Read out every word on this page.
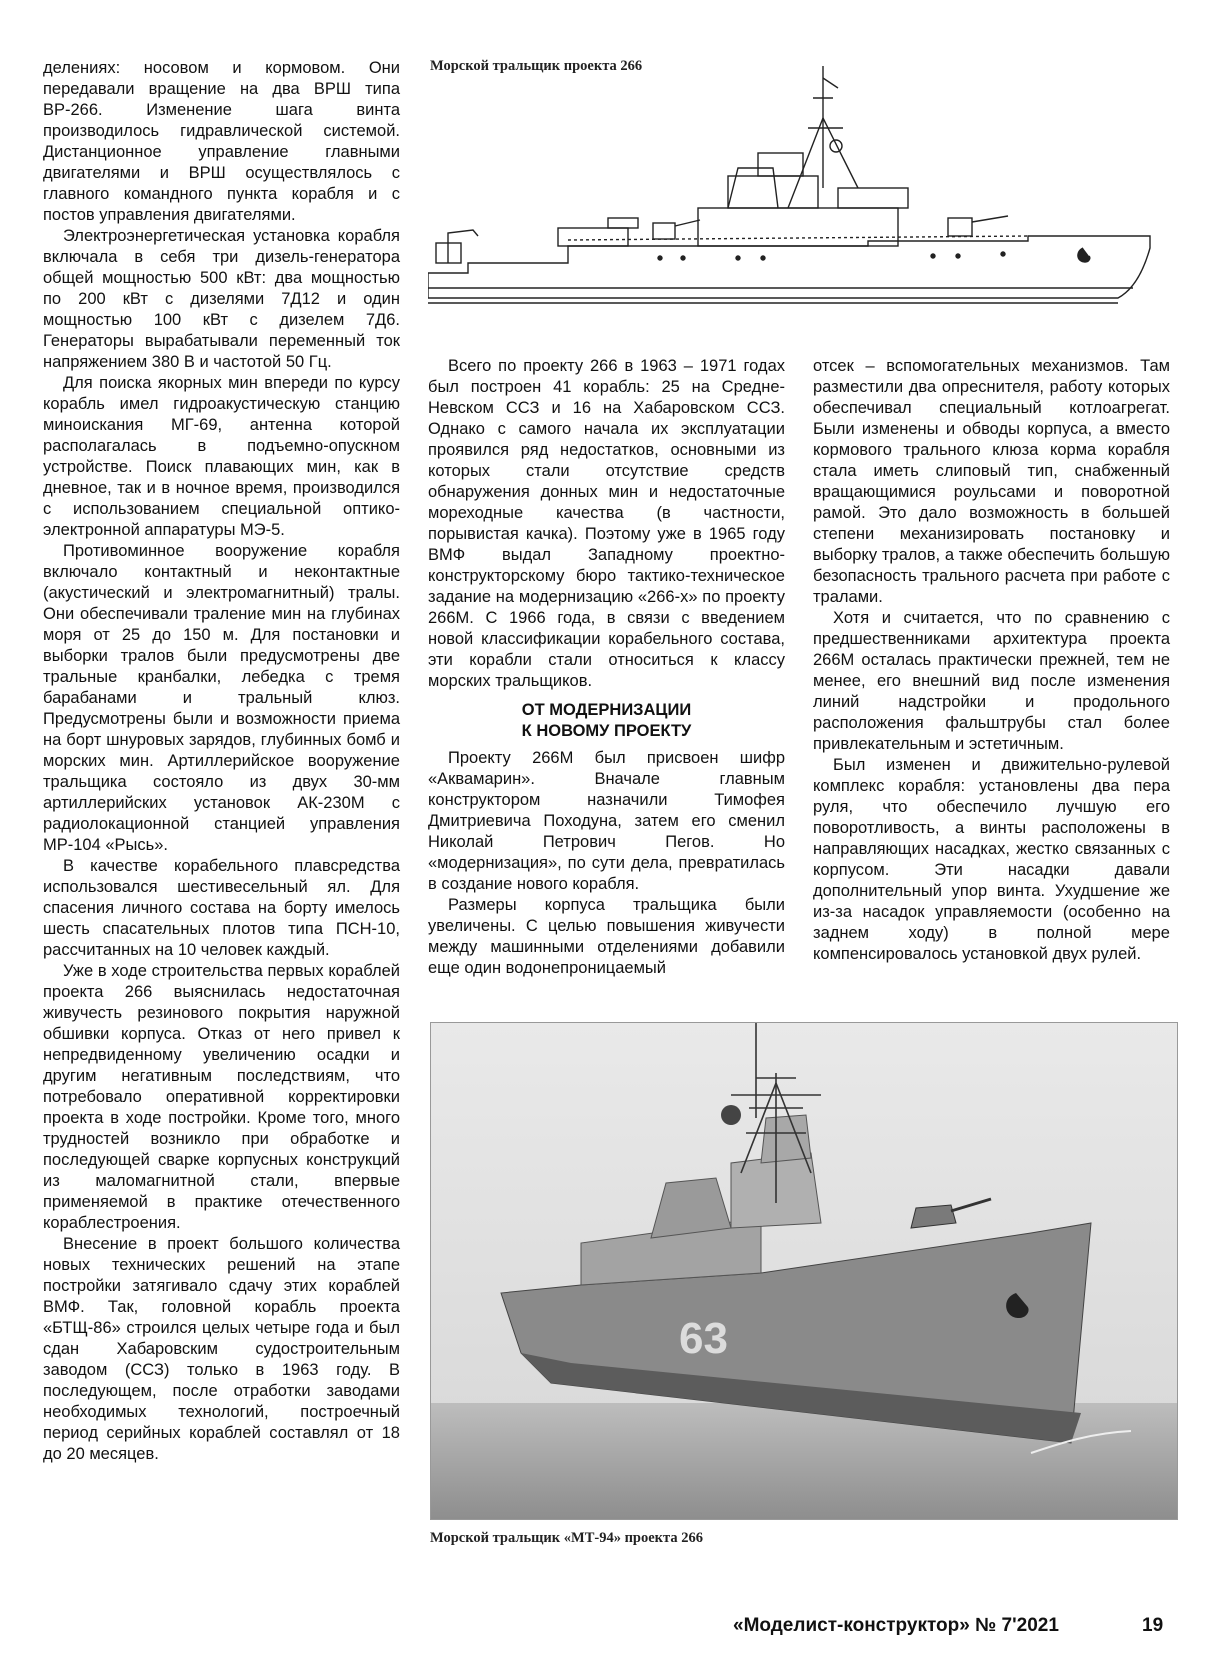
делениях: носовом и кормовом. Они передавали вращение на два ВРШ типа ВР-266. Изменение шага винта производилось гидравлической системой. Дистанционное управление главными двигателями и ВРШ осуществлялось с главного командного пункта корабля и с постов управления двигателями.

Электроэнергетическая установка корабля включала в себя три дизель-генератора общей мощностью 500 кВт: два мощностью по 200 кВт с дизелями 7Д12 и один мощностью 100 кВт с дизелем 7Д6. Генераторы вырабатывали переменный ток напряжением 380 В и частотой 50 Гц.

Для поиска якорных мин впереди по курсу корабль имел гидроакустическую станцию миноискания МГ-69, антенна которой располагалась в подъемно-опускном устройстве. Поиск плавающих мин, как в дневное, так и в ночное время, производился с использованием специальной оптико-электронной аппаратуры МЭ-5.

Противоминное вооружение корабля включало контактный и неконтактные (акустический и электромагнитный) тралы. Они обеспечивали траление мин на глубинах моря от 25 до 150 м. Для постановки и выборки тралов были предусмотрены две тральные кранбалки, лебедка с тремя барабанами и тральный клюз. Предусмотрены были и возможности приема на борт шнуровых зарядов, глубинных бомб и морских мин. Артиллерийское вооружение тральщика состояло из двух 30-мм артиллерийских установок АК-230М с радиолокационной станцией управления МР-104 «Рысь».

В качестве корабельного плавсредства использовался шестивесельный ял. Для спасения личного состава на борту имелось шесть спасательных плотов типа ПСН-10, рассчитанных на 10 человек каждый.

Уже в ходе строительства первых кораблей проекта 266 выяснилась недостаточная живучесть резинового покрытия наружной обшивки корпуса. Отказ от него привел к непредвиденному увеличению осадки и другим негативным последствиям, что потребовало оперативной корректировки проекта в ходе постройки. Кроме того, много трудностей возникло при обработке и последующей сварке корпусных конструкций из маломагнитной стали, впервые применяемой в практике отечественного кораблестроения.

Внесение в проект большого количества новых технических решений на этапе постройки затягивало сдачу этих кораблей ВМФ. Так, головной корабль проекта «БТЩ-86» строился целых четыре года и был сдан Хабаровским судостроительным заводом (ССЗ) только в 1963 году. В последующем, после отработки заводами необходимых технологий, построечный период серийных кораблей составлял от 18 до 20 месяцев.

Морской тральщик проекта 266

Всего по проекту 266 в 1963 – 1971 годах был построен 41 корабль: 25 на Средне-Невском ССЗ и 16 на Хабаровском ССЗ. Однако с самого начала их эксплуатации проявился ряд недостатков, основными из которых стали отсутствие средств обнаружения донных мин и недостаточные мореходные качества (в частности, порывистая качка). Поэтому уже в 1965 году ВМФ выдал Западному проектно-конструкторскому бюро тактико-техническое задание на модернизацию «266-х» по проекту 266М. С 1966 года, в связи с введением новой классификации корабельного состава, эти корабли стали относиться к классу морских тральщиков.

ОТ МОДЕРНИЗАЦИИ
К НОВОМУ ПРОЕКТУ

Проекту 266М был присвоен шифр «Аквамарин». Вначале главным конструктором назначили Тимофея Дмитриевича Походуна, затем его сменил Николай Петрович Пегов. Но «модернизация», по сути дела, превратилась в создание нового корабля.

Размеры корпуса тральщика были увеличены. С целью повышения живучести между машинными отделениями добавили еще один водонепроницаемый

отсек – вспомогательных механизмов. Там разместили два опреснителя, работу которых обеспечивал специальный котлоагрегат. Были изменены и обводы корпуса, а вместо кормового трального клюза корма корабля стала иметь слиповый тип, снабженный вращающимися роульсами и поворотной рамой. Это дало возможность в большей степени механизировать постановку и выборку тралов, а также обеспечить большую безопасность трального расчета при работе с тралами.

Хотя и считается, что по сравнению с предшественниками архитектура проекта 266М осталась практически прежней, тем не менее, его внешний вид после изменения линий надстройки и продольного расположения фальштрубы стал более привлекательным и эстетичным.

Был изменен и движительно-рулевой комплекс корабля: установлены два пера руля, что обеспечило лучшую его поворотливость, а винты расположены в направляющих насадках, жестко связанных с корпусом. Эти насадки давали дополнительный упор винта. Ухудшение же из-за насадок управляемости (особенно на заднем ходу) в полной мере компенсировалось установкой двух рулей.

63
Морской тральщик «МТ-94» проекта 266
«Моделист-конструктор» № 7'2021	19
